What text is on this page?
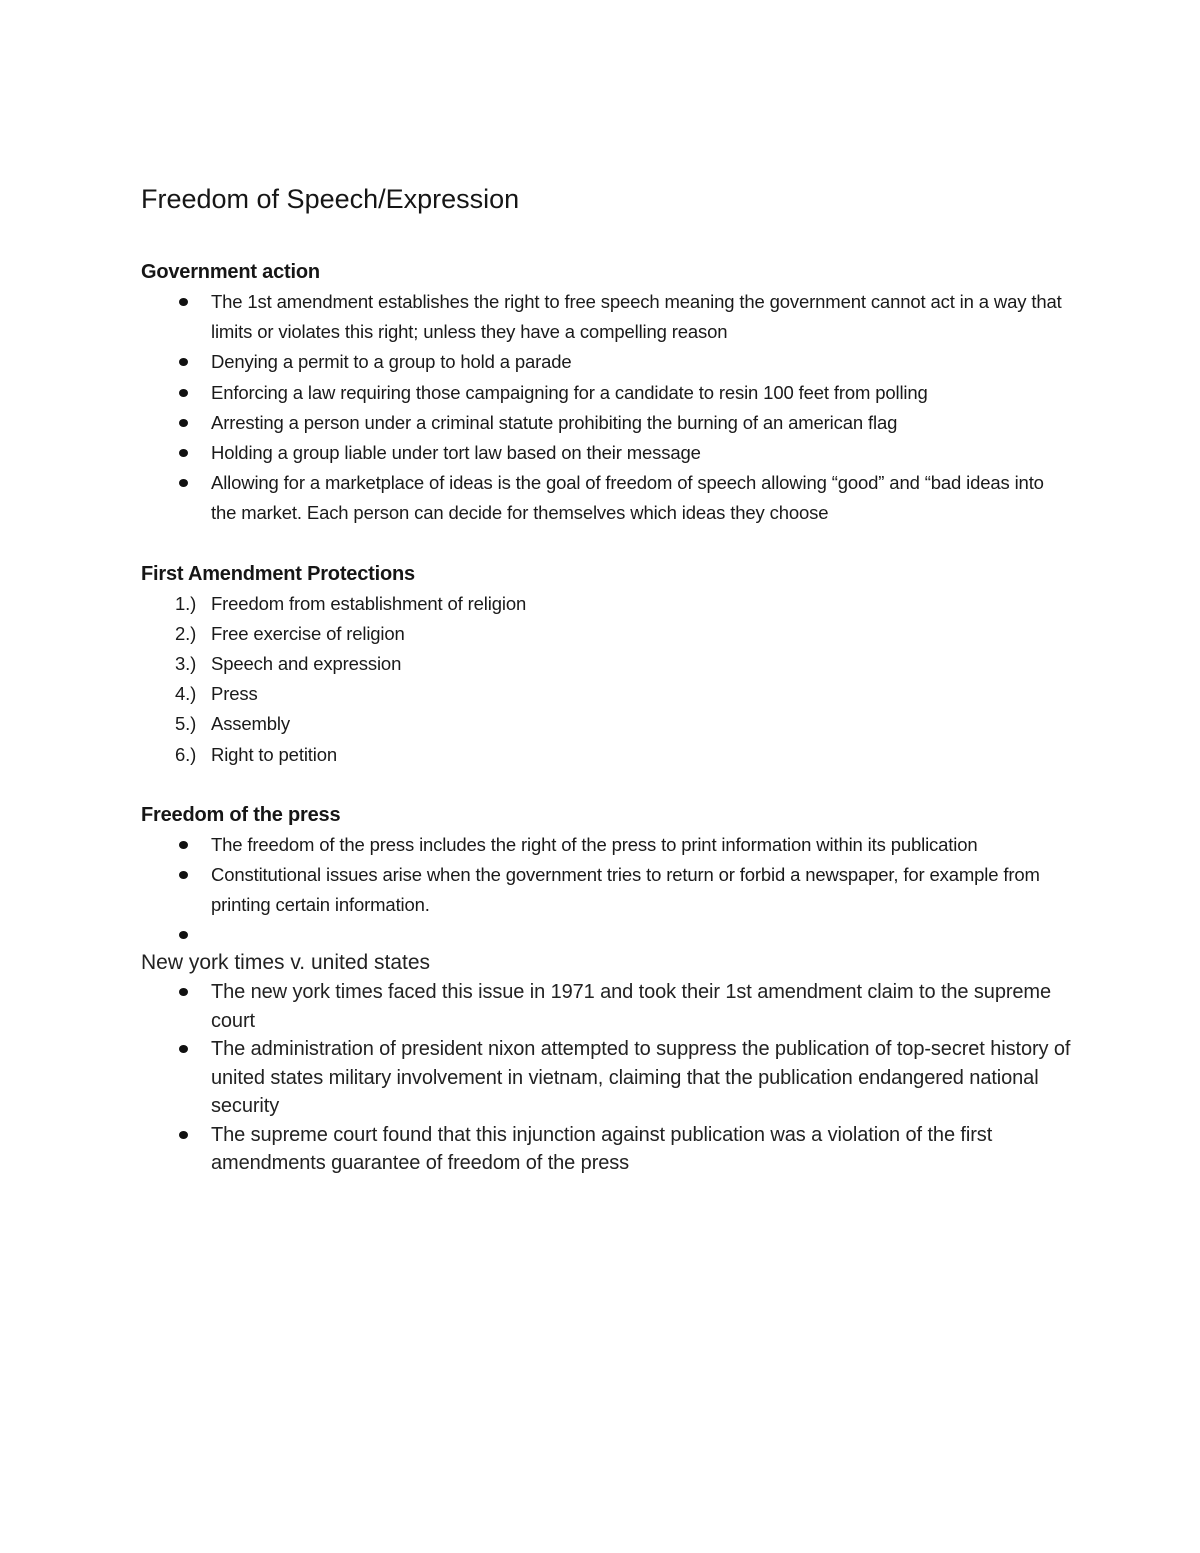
Freedom of Speech/Expression
Government action
The 1st amendment establishes the right to free speech meaning the government cannot act in a way that limits or violates this right; unless they have a compelling reason
Denying a permit to a group to hold a parade
Enforcing a law requiring those campaigning for a candidate to resin 100 feet from polling
Arresting a person under a criminal statute prohibiting the burning of an american flag
Holding a group liable under tort law based on their message
Allowing for a marketplace of ideas is the goal of freedom of speech allowing “good” and “bad ideas into the market. Each person can decide for themselves which ideas they choose
First Amendment Protections
1.) Freedom from establishment of religion
2.) Free exercise of religion
3.) Speech and expression
4.) Press
5.) Assembly
6.) Right to petition
Freedom of the press
The freedom of the press includes the right of the press to print information within its publication
Constitutional issues arise when the government tries to return or forbid a newspaper, for example from printing certain information.
New york times v. united states
The new york times faced this issue in 1971 and took their 1st amendment claim to the supreme court
The administration of president nixon attempted to suppress the publication of top-secret history of united states military involvement in vietnam, claiming that the publication endangered national security
The supreme court found that this injunction against publication was a violation of the first amendments guarantee of freedom of the press
